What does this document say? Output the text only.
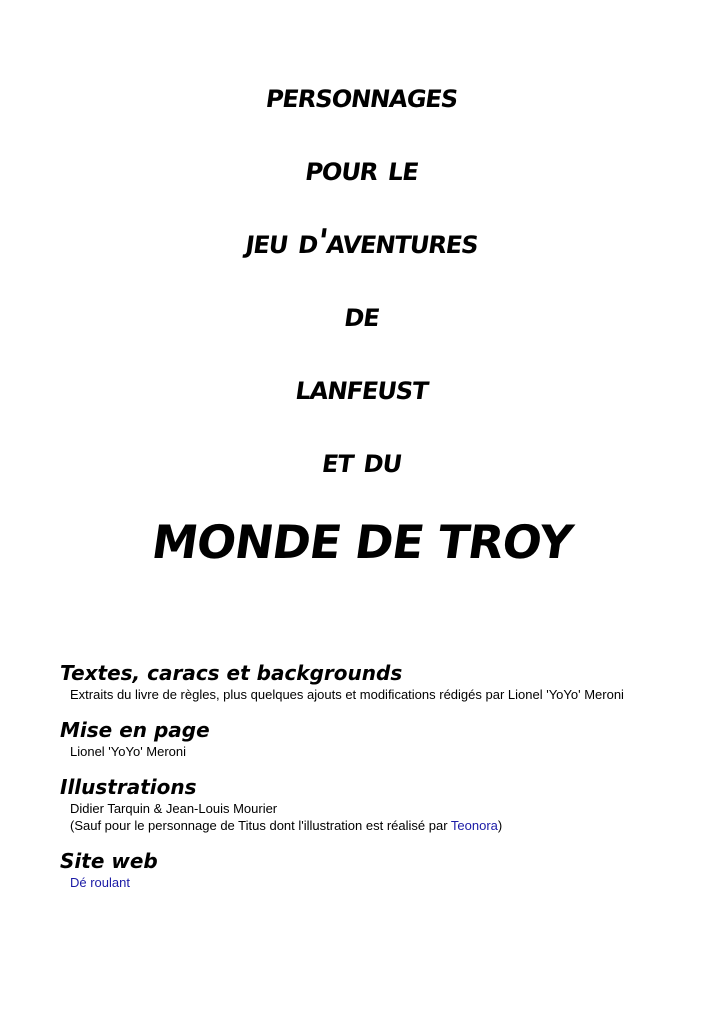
personnages
pour le
jeu d'aventures
de
lanfeust
et du
MONDE DE TROY

Textes, caracs et backgrounds

Extraits du livre de règles, plus quelques ajouts et modifications rédigés par Lionel 'YoYo' Meroni

Mise en page

Lionel 'YoYo' Meroni

Illustrations

Didier Tarquin & Jean-Louis Mourier

(Sauf pour le personnage de Titus dont l'illustration est réalisé par Teonora)

Site web

Dé roulant
